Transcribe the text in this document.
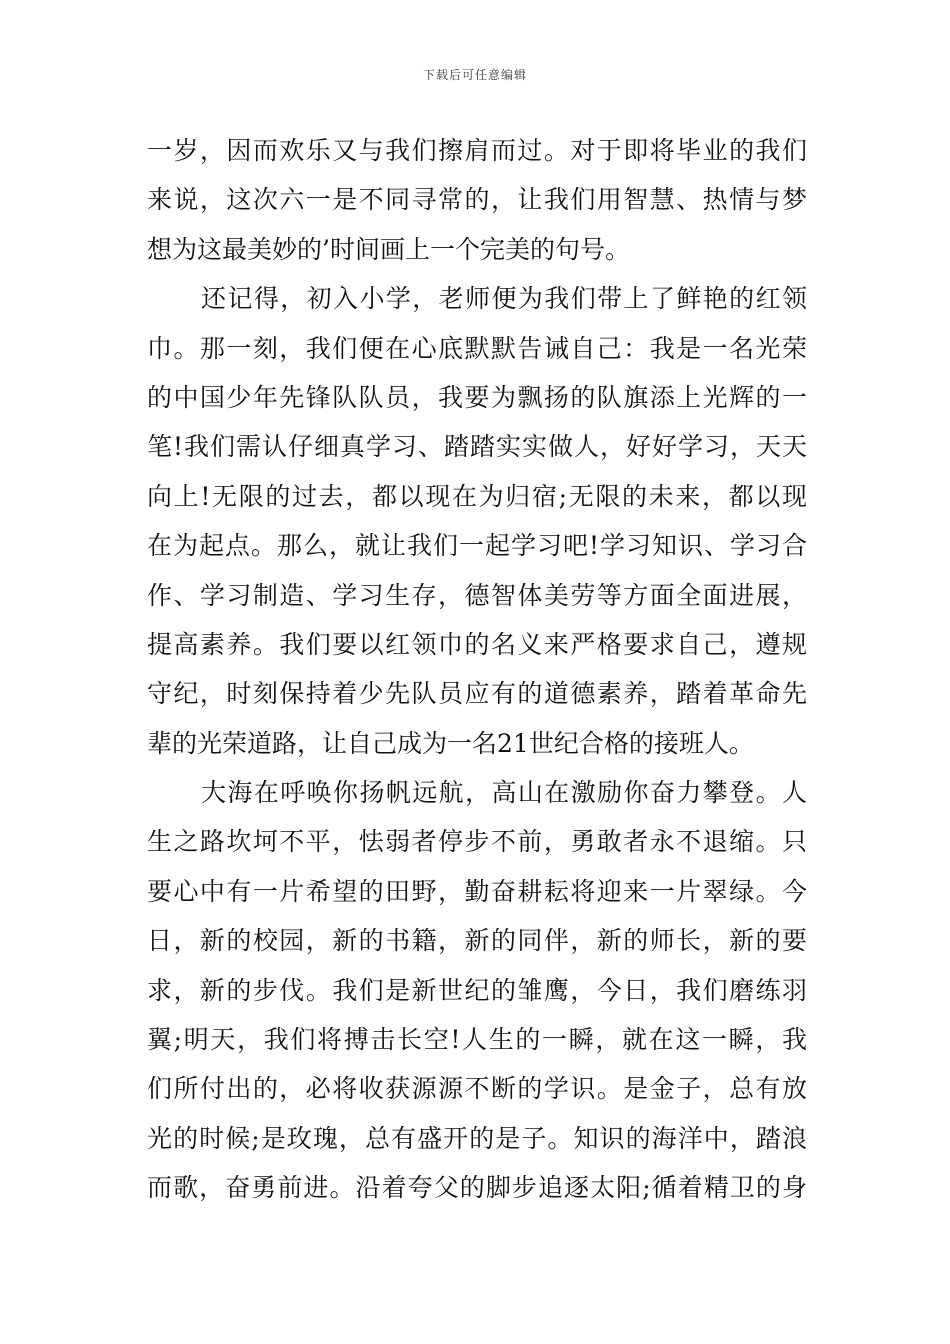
下载后可任意编辑
一岁，因而欢乐又与我们擦肩而过。对于即将毕业的我们
来说，这次六一是不同寻常的，让我们用智慧、热情与梦
想为这最美妙的’时间画上一个完美的句号。
还记得，初入小学，老师便为我们带上了鲜艳的红领
巾。那一刻，我们便在心底默默告诫自己：我是一名光荣
的中国少年先锋队队员，我要为飘扬的队旗添上光辉的一
笔!我们需认仔细真学习、踏踏实实做人，好好学习，天天
向上!无限的过去，都以现在为归宿;无限的未来，都以现
在为起点。那么，就让我们一起学习吧!学习知识、学习合
作、学习制造、学习生存，德智体美劳等方面全面进展，
提高素养。我们要以红领巾的名义来严格要求自己，遵规
守纪，时刻保持着少先队员应有的道德素养，踏着革命先
辈的光荣道路，让自己成为一名21世纪合格的接班人。
大海在呼唤你扬帆远航，高山在激励你奋力攀登。人
生之路坎坷不平，怯弱者停步不前，勇敢者永不退缩。只
要心中有一片希望的田野，勤奋耕耘将迎来一片翠绿。今
日，新的校园，新的书籍，新的同伴，新的师长，新的要
求，新的步伐。我们是新世纪的雏鹰，今日，我们磨练羽
翼;明天，我们将搏击长空!人生的一瞬，就在这一瞬，我
们所付出的，必将收获源源不断的学识。是金子，总有放
光的时候;是玫瑰，总有盛开的是子。知识的海洋中，踏浪
而歌，奋勇前进。沿着夸父的脚步追逐太阳;循着精卫的身
